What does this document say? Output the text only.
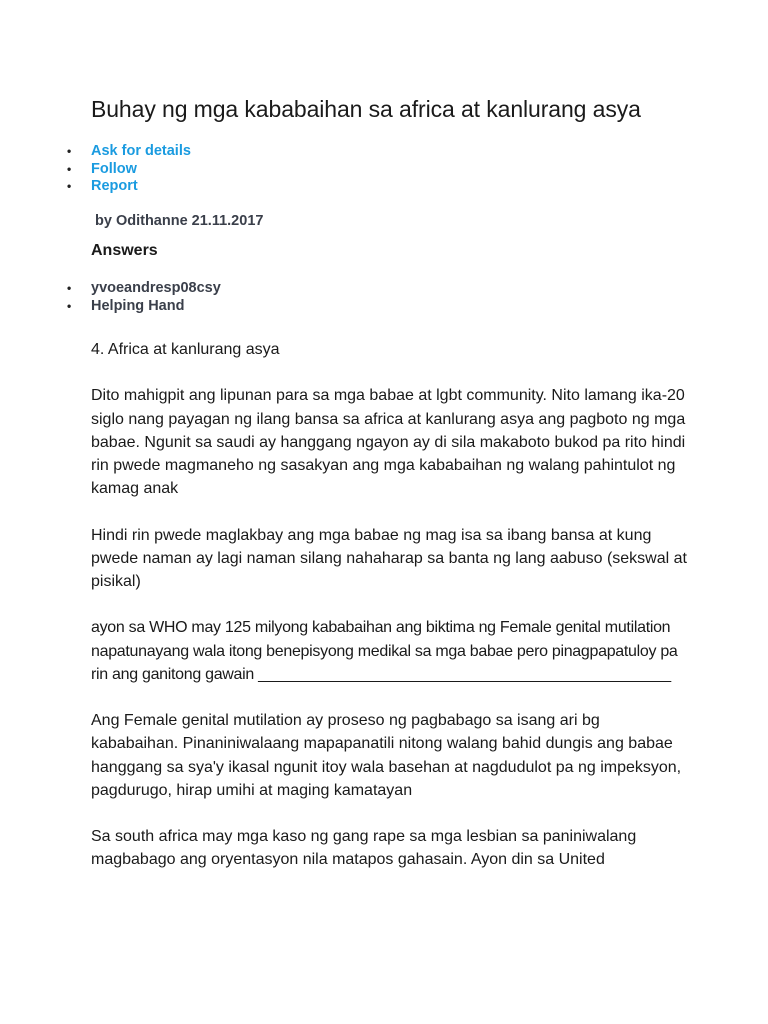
Buhay ng mga kababaihan sa africa at kanlurang asya
• Ask for details
• Follow
• Report
by Odithanne 21.11.2017
Answers
• yvoeandresp08csy
• Helping Hand

4. Africa at kanlurang asya

Dito mahigpit ang lipunan para sa mga babae at lgbt community. Nito lamang ika-20 siglo nang payagan ng ilang bansa sa africa at kanlurang asya ang pagboto ng mga babae. Ngunit sa saudi ay hanggang ngayon ay di sila makaboto bukod pa rito hindi rin pwede magmaneho ng sasakyan ang mga kababaihan ng walang pahintulot ng kamag anak

Hindi rin pwede maglakbay ang mga babae ng mag isa sa ibang bansa at kung pwede naman ay lagi naman silang nahaharap sa banta ng lang aabuso (sekswal at pisikal)

ayon sa WHO may 125 milyong kababaihan ang biktima ng Female genital mutilation napatunayang wala itong benepisyong medikal sa mga babae pero pinagpapatuloy pa rin ang ganitong gawain ________________________________________________

Ang Female genital mutilation ay proseso ng pagbabago sa isang ari bg kababaihan. Pinaniniwalaang mapapanatili nitong walang bahid dungis ang babae hanggang sa sya'y ikasal ngunit itoy wala basehan at nagdudulot pa ng impeksyon, pagdurugo, hirap umihi at maging kamatayan

Sa south africa may mga kaso ng gang rape sa mga lesbian sa paniniwalang magbabago ang oryentasyon nila matapos gahasain. Ayon din sa United
